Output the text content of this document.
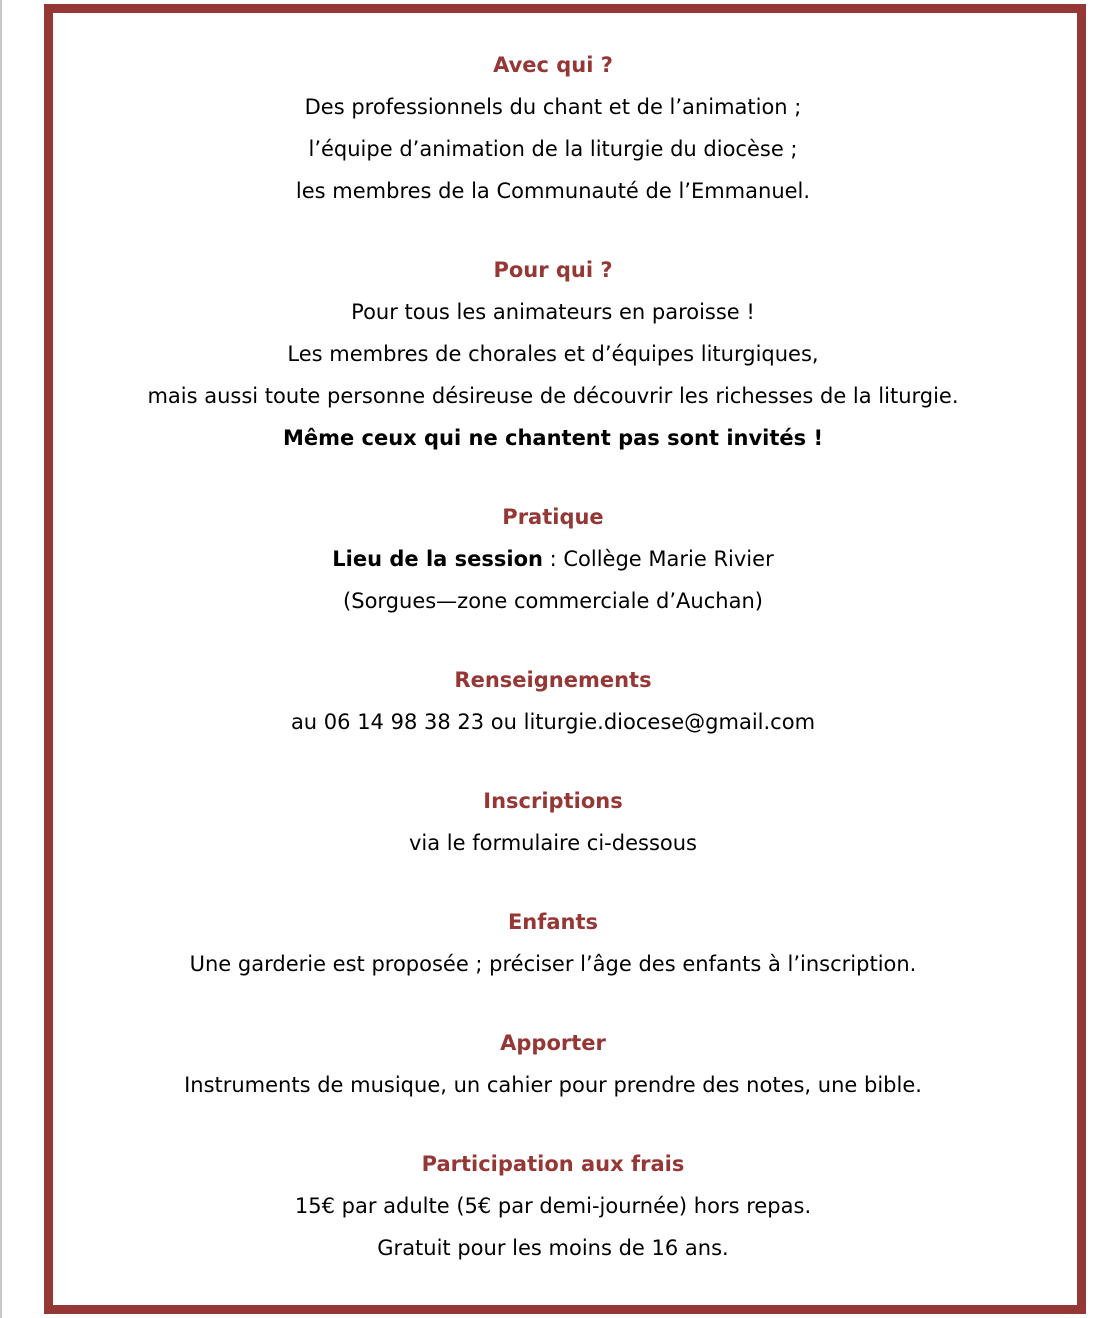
Avec qui ?
Des professionnels du chant et de l’animation ;
l’équipe d’animation de la liturgie du diocèse ;
les membres de la Communauté de l’Emmanuel.
Pour qui ?
Pour tous les animateurs en paroisse !
Les membres de chorales et d’équipes liturgiques,
mais aussi toute personne désireuse de découvrir les richesses de la liturgie.
Même ceux qui ne chantent pas sont invités !
Pratique
Lieu de la session : Collège Marie Rivier
(Sorgues—zone commerciale d’Auchan)
Renseignements
au 06 14 98 38 23 ou liturgie.diocese@gmail.com
Inscriptions
via le formulaire ci-dessous
Enfants
Une garderie est proposée ; préciser l’âge des enfants à l’inscription.
Apporter
Instruments de musique, un cahier pour prendre des notes, une bible.
Participation aux frais
15€ par adulte (5€ par demi-journée) hors repas.
Gratuit pour les moins de 16 ans.
